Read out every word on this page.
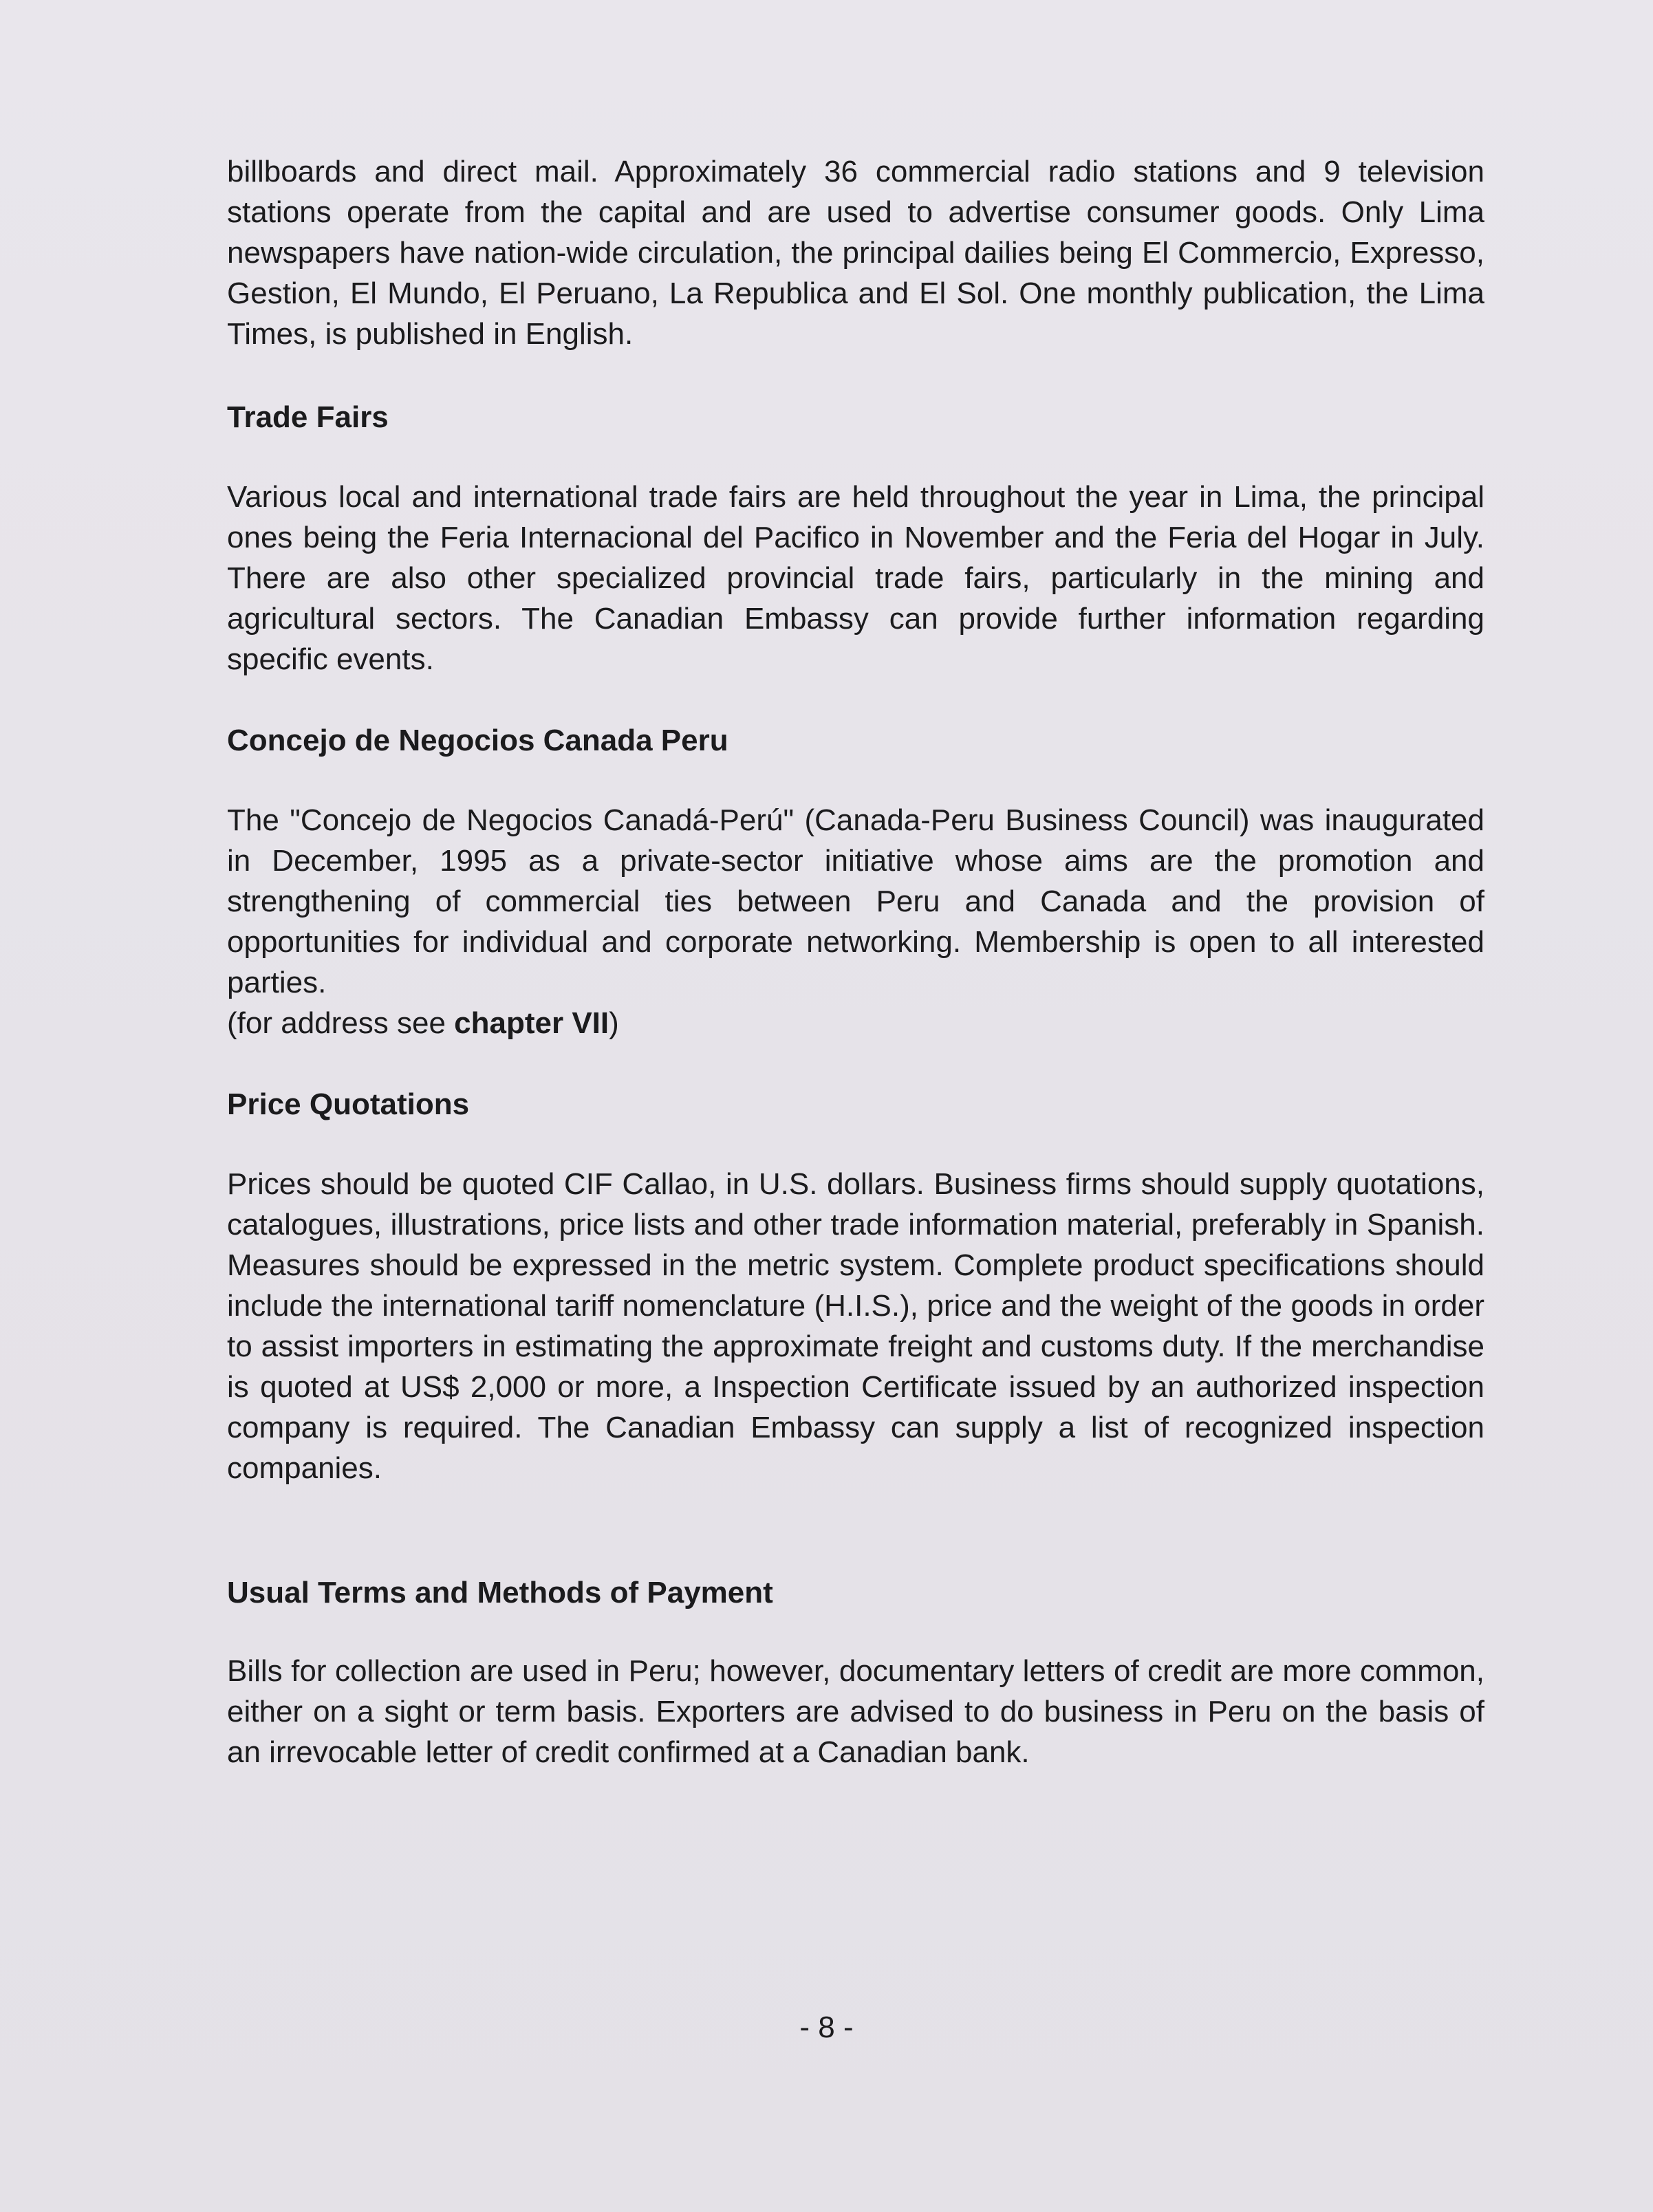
billboards and direct mail. Approximately 36 commercial radio stations and 9 television stations operate from the capital and are used to advertise consumer goods. Only Lima newspapers have nation-wide circulation, the principal dailies being El Commercio, Expresso, Gestion, El Mundo, El Peruano, La Republica and El Sol. One monthly publication, the Lima Times, is published in English.

Trade Fairs

Various local and international trade fairs are held throughout the year in Lima, the principal ones being the Feria Internacional del Pacifico in November and the Feria del Hogar in July. There are also other specialized provincial trade fairs, particularly in the mining and agricultural sectors. The Canadian Embassy can provide further information regarding specific events.

Concejo de Negocios Canada Peru
The "Concejo de Negocios Canadá-Perú" (Canada-Peru Business Council) was inaugurated in December, 1995 as a private-sector initiative whose aims are the promotion and strengthening of commercial ties between Peru and Canada and the provision of opportunities for individual and corporate networking. Membership is open to all interested parties.
(for address see chapter VII)
Price Quotations

Prices should be quoted CIF Callao, in U.S. dollars. Business firms should supply quotations, catalogues, illustrations, price lists and other trade information material, preferably in Spanish. Measures should be expressed in the metric system. Complete product specifications should include the international tariff nomenclature (H.I.S.), price and the weight of the goods in order to assist importers in estimating the approximate freight and customs duty. If the merchandise is quoted at US$ 2,000 or more, a Inspection Certificate issued by an authorized inspection company is required. The Canadian Embassy can supply a list of recognized inspection companies.

Usual Terms and Methods of Payment

Bills for collection are used in Peru; however, documentary letters of credit are more common, either on a sight or term basis. Exporters are advised to do business in Peru on the basis of an irrevocable letter of credit confirmed at a Canadian bank.

- 8 -
